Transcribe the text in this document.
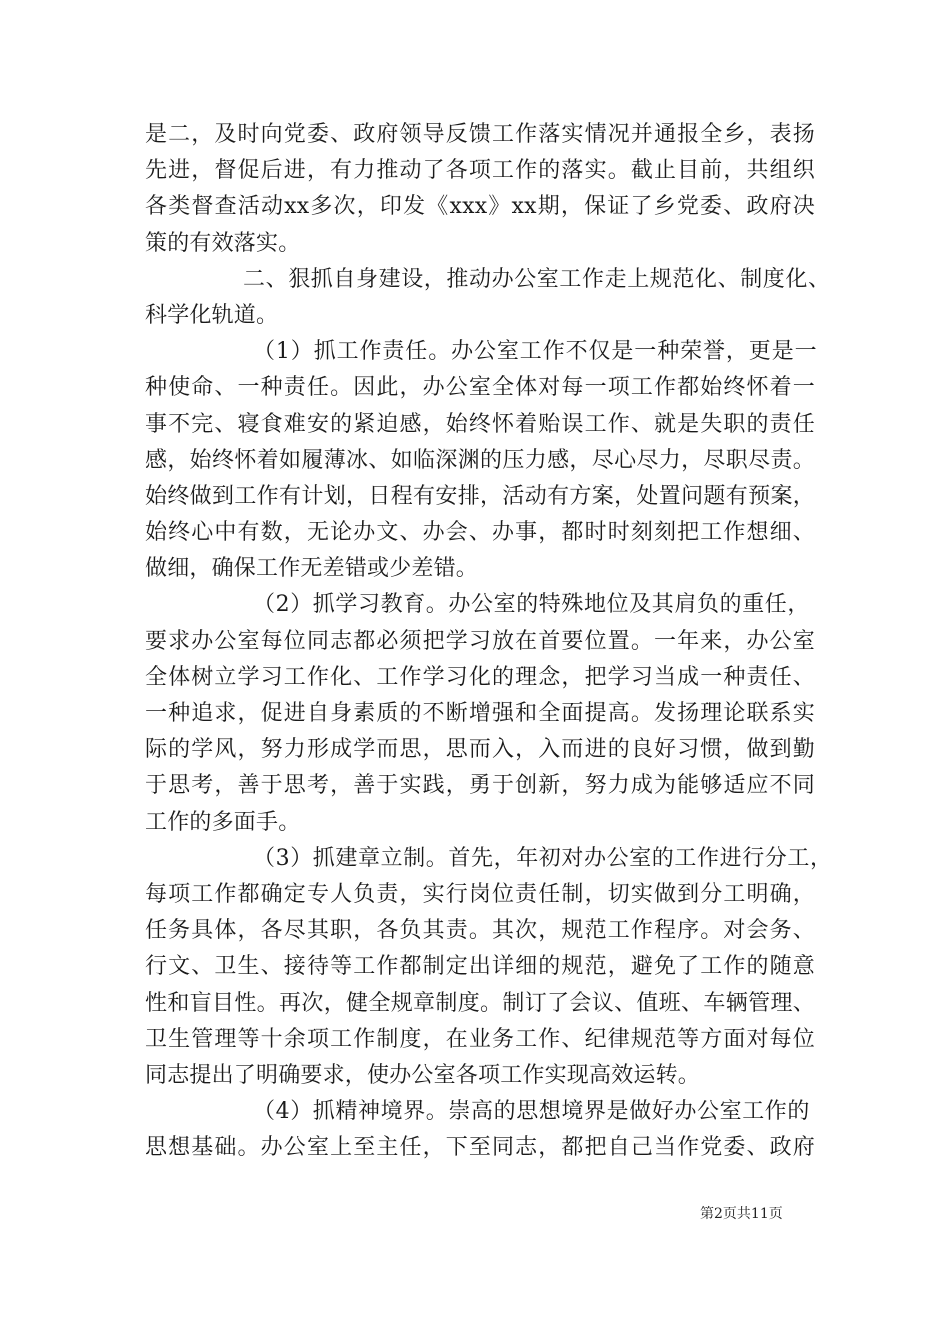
是二，及时向党委、政府领导反馈工作落实情况并通报全乡，表扬
先进，督促后进，有力推动了各项工作的落实。截止目前，共组织
各类督查活动xx多次，印发《xxx》xx期，保证了乡党委、政府决
策的有效落实。
二、狠抓自身建设，推动办公室工作走上规范化、制度化、
科学化轨道。
（1）抓工作责任。办公室工作不仅是一种荣誉，更是一
种使命、一种责任。因此，办公室全体对每一项工作都始终怀着一
事不完、寝食难安的紧迫感，始终怀着贻误工作、就是失职的责任
感，始终怀着如履薄冰、如临深渊的压力感，尽心尽力，尽职尽责。
始终做到工作有计划，日程有安排，活动有方案，处置问题有预案，
始终心中有数，无论办文、办会、办事，都时时刻刻把工作想细、
做细，确保工作无差错或少差错。
（2）抓学习教育。办公室的特殊地位及其肩负的重任，
要求办公室每位同志都必须把学习放在首要位置。一年来，办公室
全体树立学习工作化、工作学习化的理念，把学习当成一种责任、
一种追求，促进自身素质的不断增强和全面提高。发扬理论联系实
际的学风，努力形成学而思，思而入，入而进的良好习惯，做到勤
于思考，善于思考，善于实践，勇于创新，努力成为能够适应不同
工作的多面手。
（3）抓建章立制。首先，年初对办公室的工作进行分工，
每项工作都确定专人负责，实行岗位责任制，切实做到分工明确，
任务具体，各尽其职，各负其责。其次，规范工作程序。对会务、
行文、卫生、接待等工作都制定出详细的规范，避免了工作的随意
性和盲目性。再次，健全规章制度。制订了会议、值班、车辆管理、
卫生管理等十余项工作制度，在业务工作、纪律规范等方面对每位
同志提出了明确要求，使办公室各项工作实现高效运转。
（4）抓精神境界。崇高的思想境界是做好办公室工作的
思想基础。办公室上至主任，下至同志，都把自己当作党委、政府
第2页共11页
